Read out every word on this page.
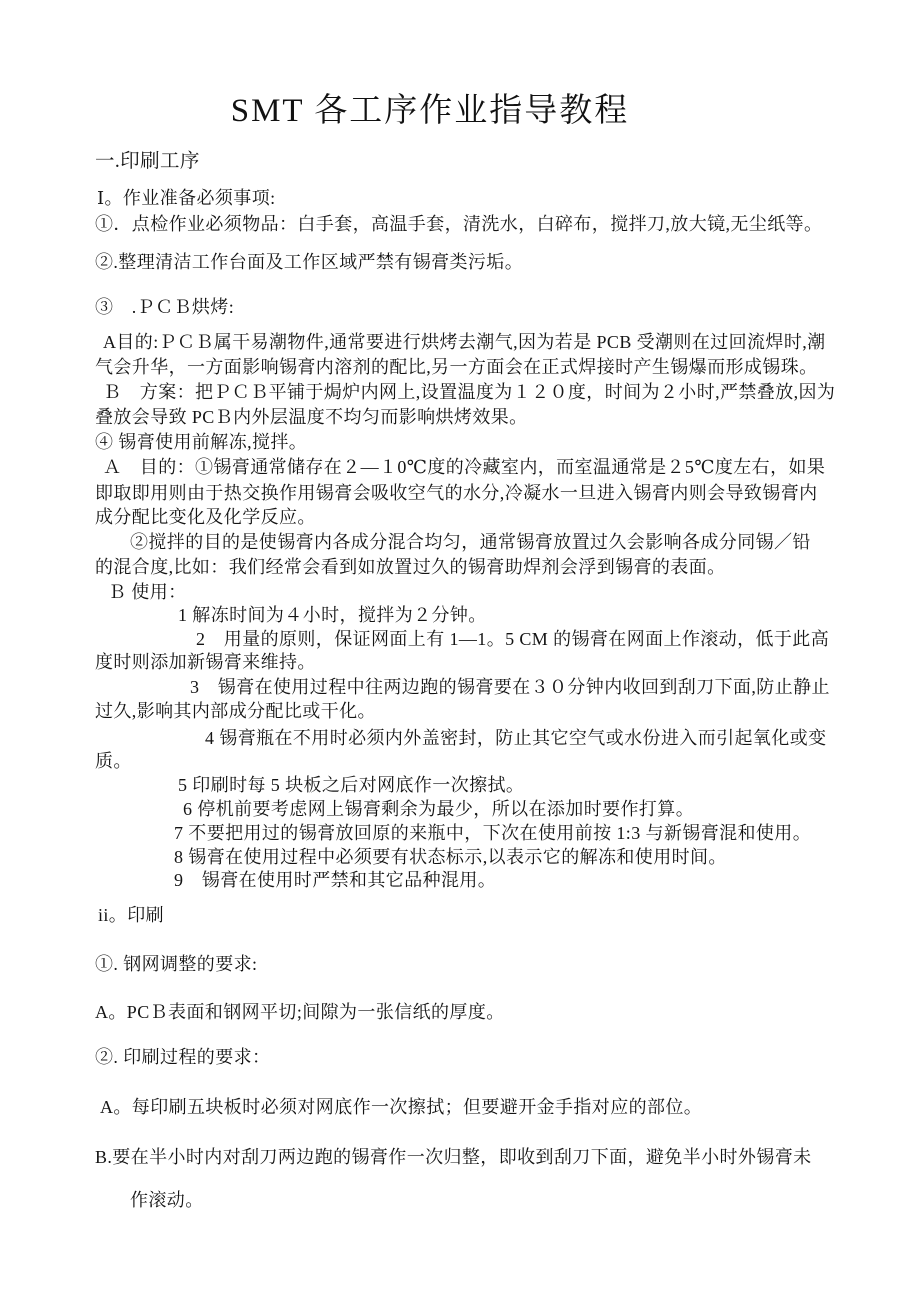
SMT 各工序作业指导教程
一.印刷工序
Ⅰ。作业准备必须事项:
①．点检作业必须物品：白手套，高温手套，清洗水，白碎布，搅拌刀,放大镜,无尘纸等。
②.整理清洁工作台面及工作区域严禁有锡膏类污垢。
③　.ＰＣＢ烘烤:
A目的:ＰＣＢ属干易潮物件,通常要进行烘烤去潮气,因为若是 PCB 受潮则在过回流焊时,潮
气会升华，一方面影响锡膏内溶剂的配比,另一方面会在正式焊接时产生锡爆而形成锡珠。
Ｂ　方案：把ＰＣＢ平铺于焗炉内网上,设置温度为１２０度，时间为２小时,严禁叠放,因为
叠放会导致 PCＢ内外层温度不均匀而影响烘烤效果。
④ 锡膏使用前解冻,搅拌。
Ａ　目的：①锡膏通常储存在２—１0℃度的冷藏室内，而室温通常是２5℃度左右，如果
即取即用则由于热交换作用锡膏会吸收空气的水分,冷凝水一旦进入锡膏内则会导致锡膏内
成分配比变化及化学反应。
②搅拌的目的是使锡膏内各成分混合均匀，通常锡膏放置过久会影响各成分同锡／铅
的混合度,比如：我们经常会看到如放置过久的锡膏助焊剂会浮到锡膏的表面。
Ｂ 使用：
1 解冻时间为４小时，搅拌为２分钟。
2　用量的原则，保证网面上有 1—1。5 CM 的锡膏在网面上作滚动，低于此高
度时则添加新锡膏来维持。
3　锡膏在使用过程中往两边跑的锡膏要在３０分钟内收回到刮刀下面,防止静止
过久,影响其内部成分配比或干化。
4 锡膏瓶在不用时必须内外盖密封，防止其它空气或水份进入而引起氧化或变
质。
5 印刷时每 5 块板之后对网底作一次擦拭。
6 停机前要考虑网上锡膏剩余为最少，所以在添加时要作打算。
7 不要把用过的锡膏放回原的来瓶中，下次在使用前按 1:3 与新锡膏混和使用。
8 锡膏在使用过程中必须要有状态标示,以表示它的解冻和使用时间。
9　锡膏在使用时严禁和其它品种混用。
ii。印刷
①. 钢网调整的要求:
A。PCＢ表面和钢网平切;间隙为一张信纸的厚度。
②. 印刷过程的要求：
A。每印刷五块板时必须对网底作一次擦拭；但要避开金手指对应的部位。
B.要在半小时内对刮刀两边跑的锡膏作一次归整，即收到刮刀下面，避免半小时外锡膏未
作滚动。
